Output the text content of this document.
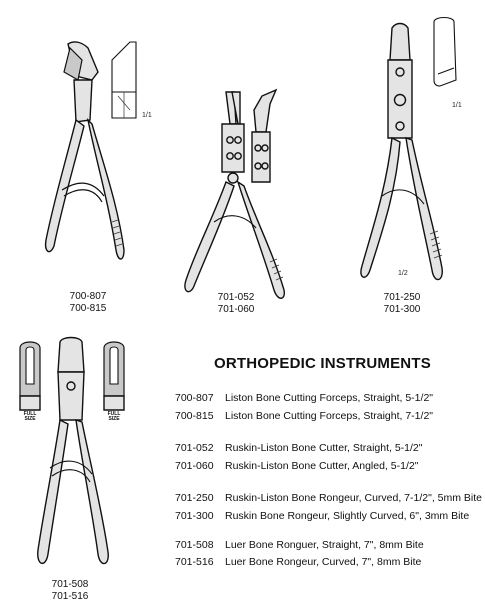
1/1
700-807
700-815
701-052
701-060
1/1
1/2
701-250
701-300
FULL SIZE
FULL SIZE
701-508
701-516
ORTHOPEDIC INSTRUMENTS
700-807 Liston Bone Cutting Forceps, Straight, 5-1/2"
700-815 Liston Bone Cutting Forceps, Straight, 7-1/2"
701-052 Ruskin-Liston Bone Cutter, Straight, 5-1/2"
701-060 Ruskin-Liston Bone Cutter, Angled, 5-1/2"
701-250 Ruskin-Liston Bone Rongeur, Curved, 7-1/2", 5mm Bite
701-300 Ruskin Bone Rongeur, Slightly Curved, 6", 3mm Bite
701-508 Luer Bone Ronguer, Straight, 7", 8mm Bite
701-516 Luer Bone Rongeur, Curved, 7", 8mm Bite
